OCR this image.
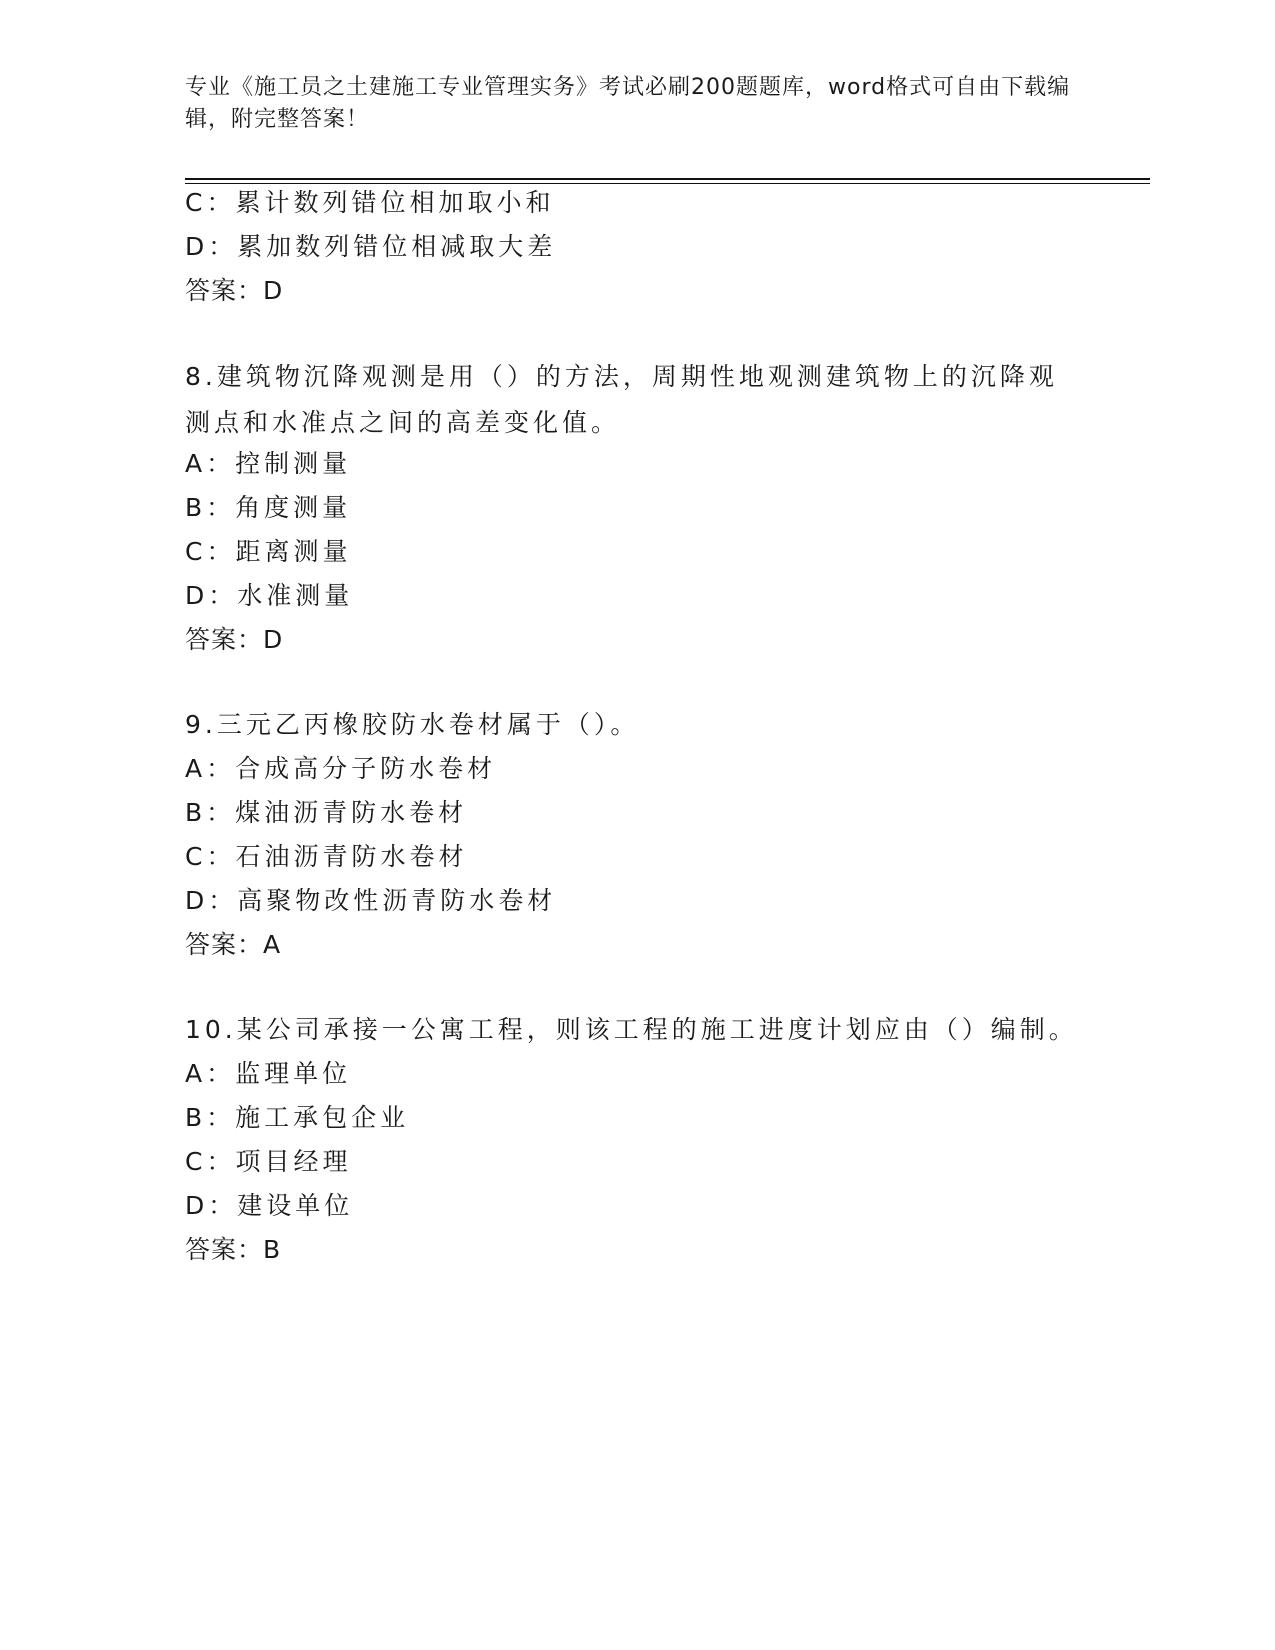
专业《施工员之土建施工专业管理实务》考试必刷200题题库，word格式可自由下载编辑，附完整答案！
C：累计数列错位相加取小和
D：累加数列错位相减取大差
答案：D
8.建筑物沉降观测是用（）的方法，周期性地观测建筑物上的沉降观测点和水准点之间的高差变化值。
A：控制测量
B：角度测量
C：距离测量
D：水准测量
答案：D
9.三元乙丙橡胶防水卷材属于（）。
A：合成高分子防水卷材
B：煤油沥青防水卷材
C：石油沥青防水卷材
D：高聚物改性沥青防水卷材
答案：A
10.某公司承接一公寓工程，则该工程的施工进度计划应由（）编制。
A：监理单位
B：施工承包企业
C：项目经理
D：建设单位
答案：B
